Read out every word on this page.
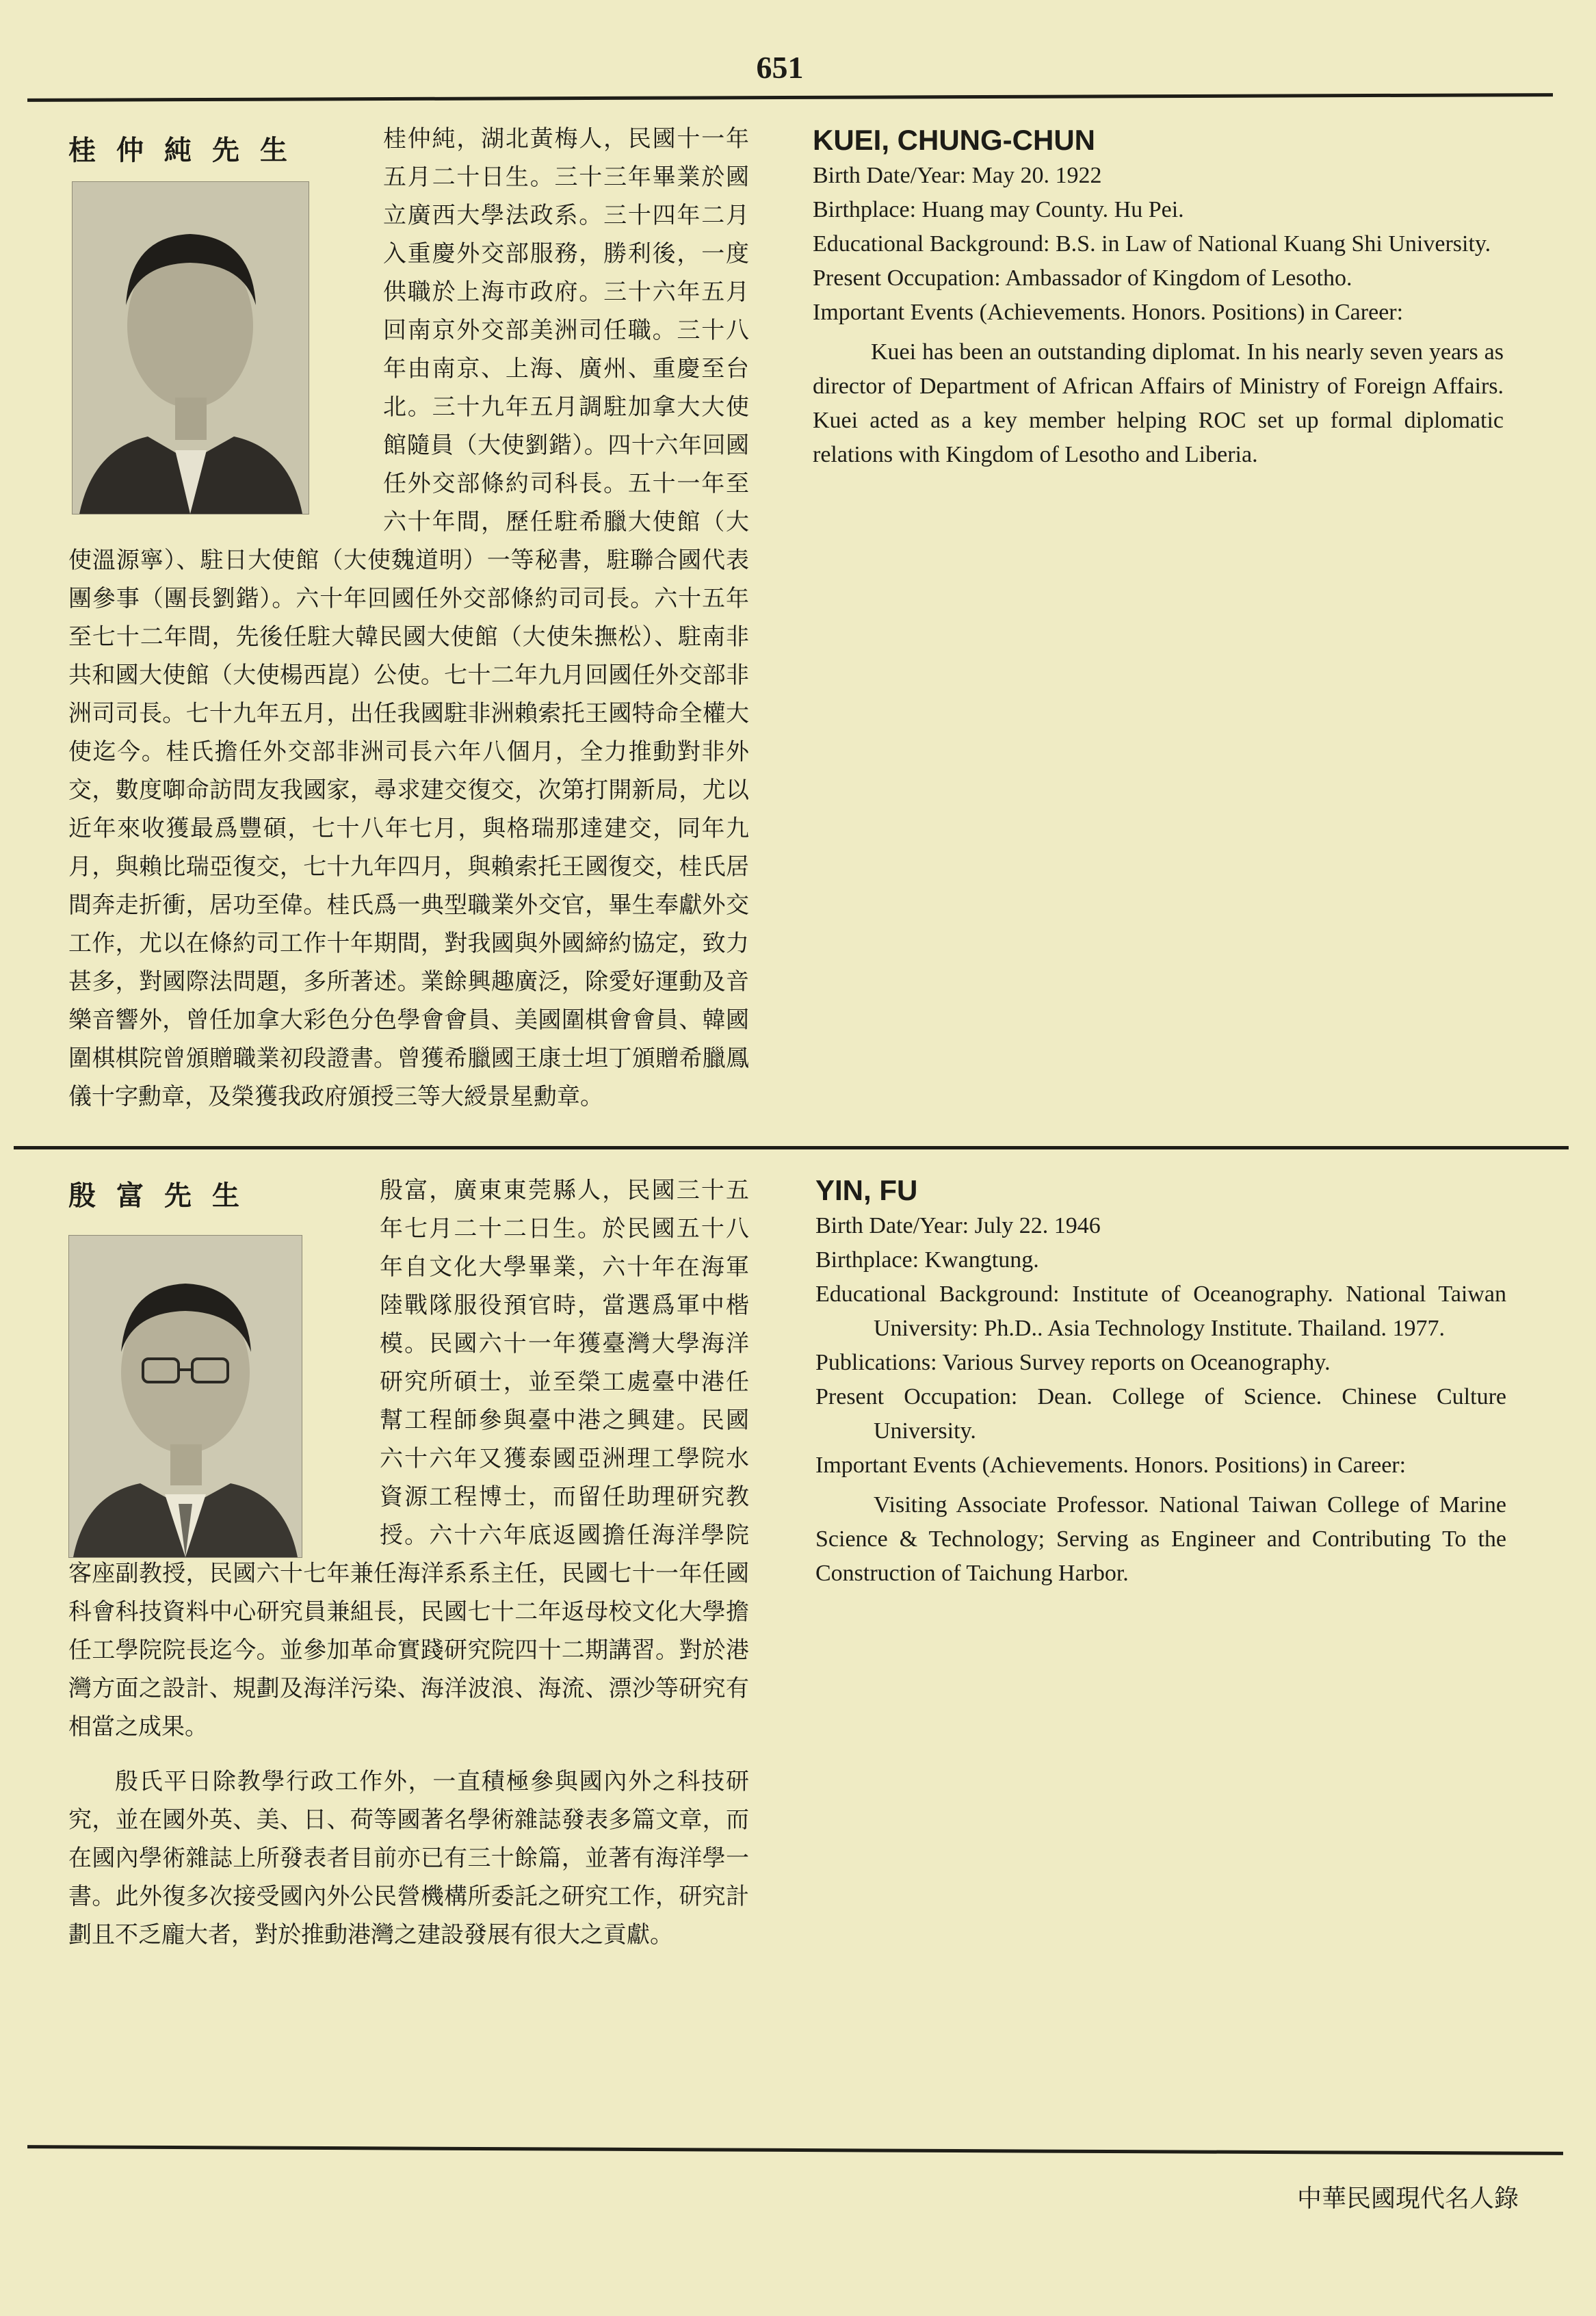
651

桂仲純，湖北黃梅人，民國十一年五月二十日生。三十三年畢業於國立廣西大學法政系。三十四年二月入重慶外交部服務，勝利後，一度供職於上海市政府。三十六年五月回南京外交部美洲司任職。三十八年由南京、上海、廣州、重慶至台北。三十九年五月調駐加拿大大使館隨員（大使劉鍇）。四十六年回國任外交部條約司科長。五十一年至六十年間，歷任駐希臘大使館（大使溫源寧）、駐日大使館（大使魏道明）一等秘書，駐聯合國代表團參事（團長劉鍇）。六十年回國任外交部條約司司長。六十五年至七十二年間，先後任駐大韓民國大使館（大使朱撫松）、駐南非共和國大使館（大使楊西崑）公使。七十二年九月回國任外交部非洲司司長。七十九年五月，出任我國駐非洲賴索托王國特命全權大使迄今。桂氏擔任外交部非洲司長六年八個月，全力推動對非外交，數度啣命訪問友我國家，尋求建交復交，次第打開新局，尤以近年來收獲最爲豐碩，七十八年七月，與格瑞那達建交，同年九月，與賴比瑞亞復交，七十九年四月，與賴索托王國復交，桂氏居間奔走折衝，居功至偉。桂氏爲一典型職業外交官，畢生奉獻外交工作，尤以在條約司工作十年期間，對我國與外國締約協定，致力甚多，對國際法問題，多所著述。業餘興趣廣泛，除愛好運動及音樂音響外，曾任加拿大彩色分色學會會員、美國圍棋會會員、韓國圍棋棋院曾頒贈職業初段證書。曾獲希臘國王康士坦丁頒贈希臘鳳儀十字勳章，及榮獲我政府頒授三等大綬景星勳章。

桂仲純先生	KUEI, CHUNG-CHUN

Birth Date/Year: May 20. 1922

Birthplace: Huang may County. Hu Pei.

Educational Background: B.S. in Law of National Kuang Shi University.

Present Occupation: Ambassador of Kingdom of Lesotho.

Important Events (Achievements. Honors. Positions) in Career:

Kuei has been an outstanding diplomat. In his nearly seven years as director of Department of African Affairs of Ministry of Foreign Affairs. Kuei acted as a key member helping ROC set up formal diplomatic relations with Kingdom of Lesotho and Liberia.

殷富，廣東東莞縣人，民國三十五年七月二十二日生。於民國五十八年自文化大學畢業，六十年在海軍陸戰隊服役預官時，當選爲軍中楷模。民國六十一年獲臺灣大學海洋研究所碩士，並至榮工處臺中港任幫工程師參與臺中港之興建。民國六十六年又獲泰國亞洲理工學院水資源工程博士，而留任助理研究教授。六十六年底返國擔任海洋學院客座副教授，民國六十七年兼任海洋系系主任，民國七十一年任國科會科技資料中心研究員兼組長，民國七十二年返母校文化大學擔任工學院院長迄今。並參加革命實踐研究院四十二期講習。對於港灣方面之設計、規劃及海洋污染、海洋波浪、海流、漂沙等研究有相當之成果。

殷氏平日除教學行政工作外，一直積極參與國內外之科技研究，並在國外英、美、日、荷等國著名學術雜誌發表多篇文章，而在國內學術雜誌上所發表者目前亦已有三十餘篇，並著有海洋學一書。此外復多次接受國內外公民營機構所委託之研究工作，研究計劃且不乏龐大者，對於推動港灣之建設發展有很大之貢獻。

殷富先生	YIN, FU

Birth Date/Year: July 22. 1946

Birthplace: Kwangtung.

Educational Background: Institute of Oceanography. National Taiwan University: Ph.D.. Asia Technology Institute. Thailand. 1977.

Publications: Various Survey reports on Oceanography.

Present Occupation: Dean. College of Science. Chinese Culture University.

Important Events (Achievements. Honors. Positions) in Career:

Visiting Associate Professor. National Taiwan College of Marine Science & Technology; Serving as Engineer and Contributing To the Construction of Taichung Harbor.

中華民國現代名人錄
